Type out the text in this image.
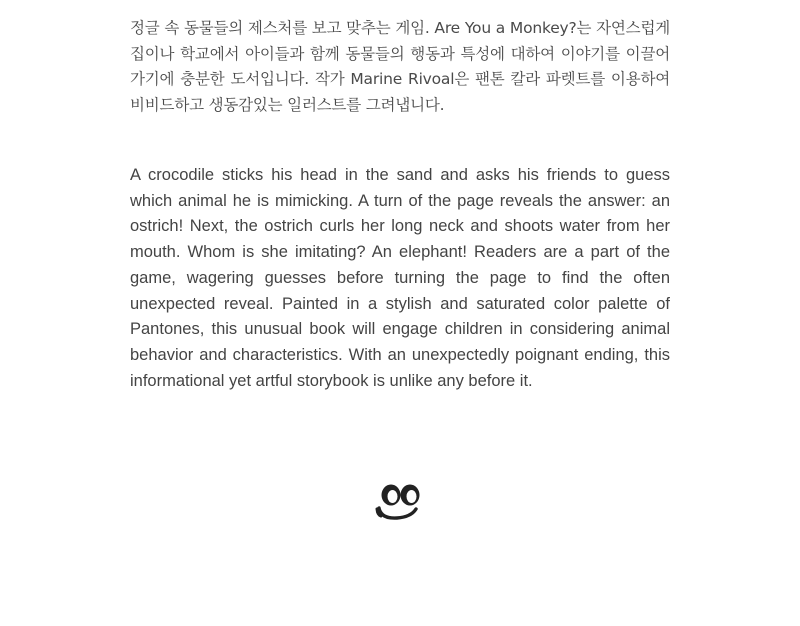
정글 속 동물들의 제스처를 보고 맞추는 게임. Are You a Monkey?는 자연스럽게 집이나 학교에서 아이들과 함께 동물들의 행동과 특성에 대하여 이야기를 이끌어가기에 충분한 도서입니다. 작가 Marine Rivoal은 팬톤 칼라 파렛트를 이용하여 비비드하고 생동감있는 일러스트를 그려냅니다.

A crocodile sticks his head in the sand and asks his friends to guess which animal he is mimicking. A turn of the page reveals the answer: an ostrich! Next, the ostrich curls her long neck and shoots water from her mouth. Whom is she imitating? An elephant! Readers are a part of the game, wagering guesses before turning the page to find the often unexpected reveal. Painted in a stylish and saturated color palette of Pantones, this unusual book will engage children in considering animal behavior and characteristics. With an unexpectedly poignant ending, this informational yet artful storybook is unlike any before it.
